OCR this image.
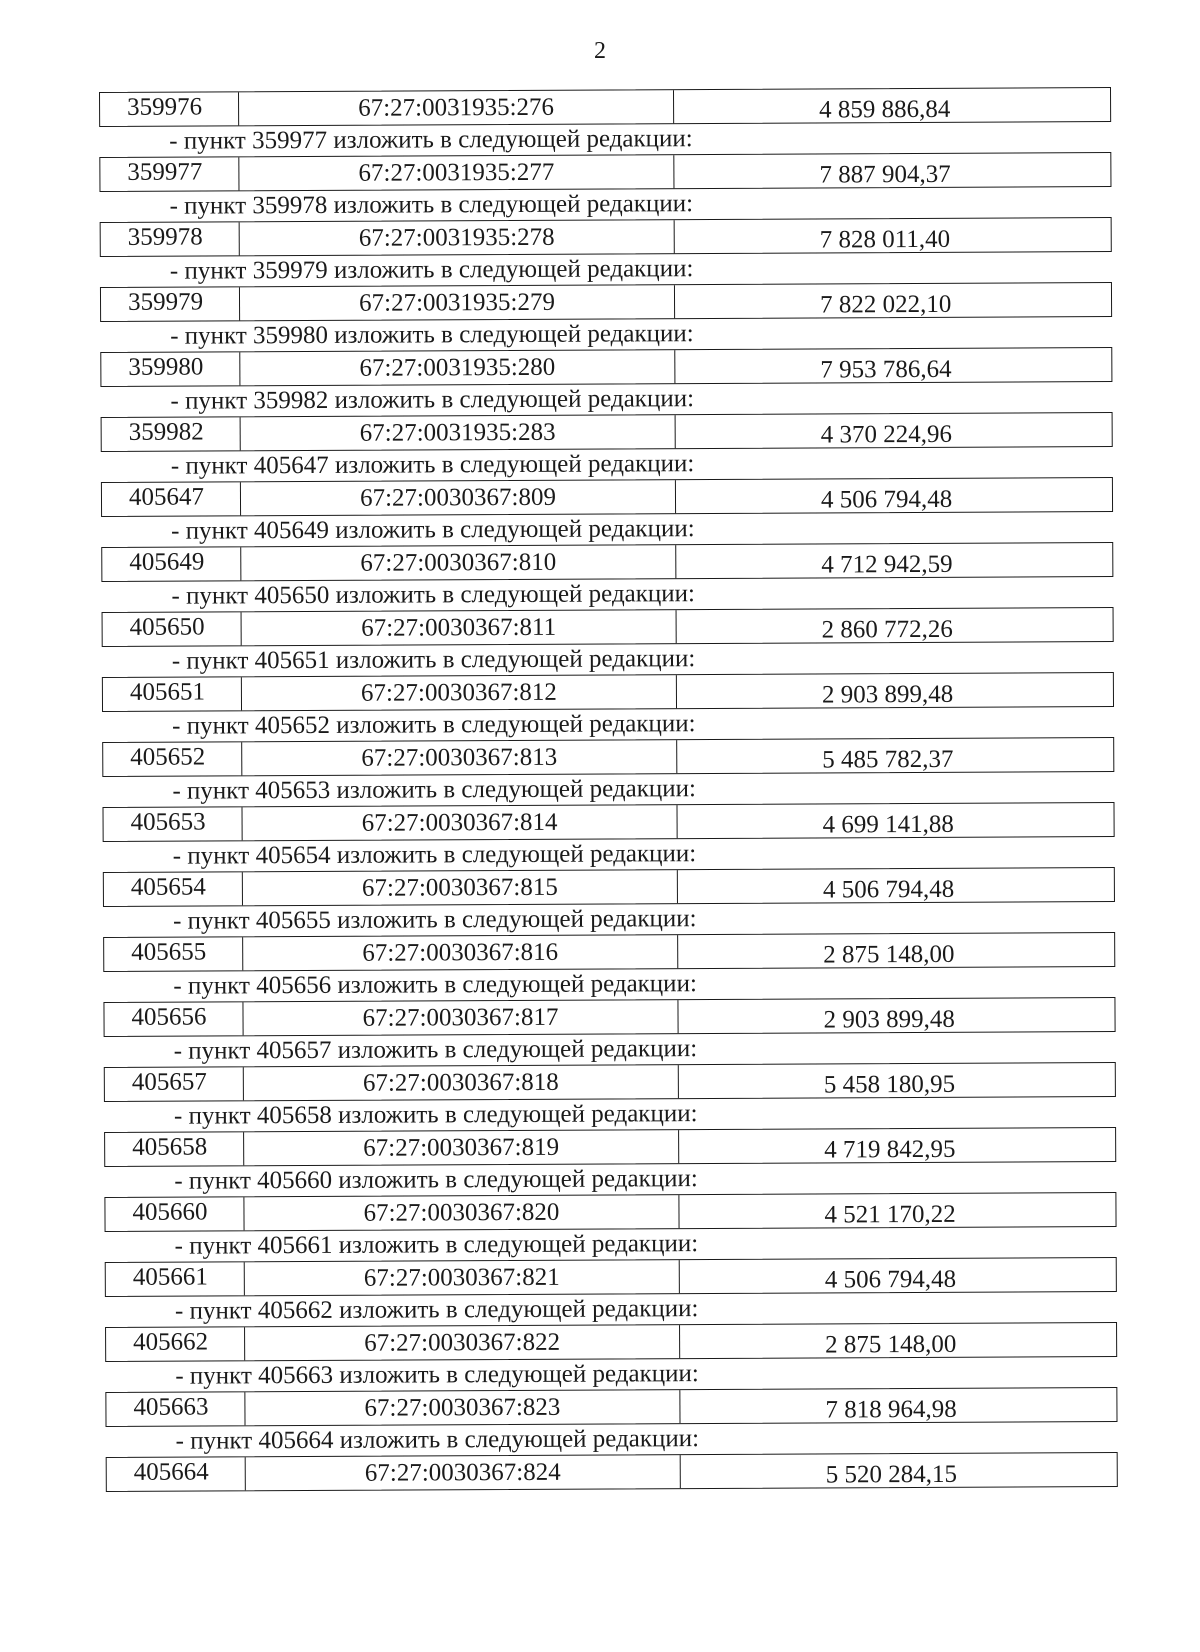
2
359976	67:27:0031935:276	4 859 886,84
- пункт 359977 изложить в следующей редакции:
359977	67:27:0031935:277	7 887 904,37
- пункт 359978 изложить в следующей редакции:
359978	67:27:0031935:278	7 828 011,40
- пункт 359979 изложить в следующей редакции:
359979	67:27:0031935:279	7 822 022,10
- пункт 359980 изложить в следующей редакции:
359980	67:27:0031935:280	7 953 786,64
- пункт 359982 изложить в следующей редакции:
359982	67:27:0031935:283	4 370 224,96
- пункт 405647 изложить в следующей редакции:
405647	67:27:0030367:809	4 506 794,48
- пункт 405649 изложить в следующей редакции:
405649	67:27:0030367:810	4 712 942,59
- пункт 405650 изложить в следующей редакции:
405650	67:27:0030367:811	2 860 772,26
- пункт 405651 изложить в следующей редакции:
405651	67:27:0030367:812	2 903 899,48
- пункт 405652 изложить в следующей редакции:
405652	67:27:0030367:813	5 485 782,37
- пункт 405653 изложить в следующей редакции:
405653	67:27:0030367:814	4 699 141,88
- пункт 405654 изложить в следующей редакции:
405654	67:27:0030367:815	4 506 794,48
- пункт 405655 изложить в следующей редакции:
405655	67:27:0030367:816	2 875 148,00
- пункт 405656 изложить в следующей редакции:
405656	67:27:0030367:817	2 903 899,48
- пункт 405657 изложить в следующей редакции:
405657	67:27:0030367:818	5 458 180,95
- пункт 405658 изложить в следующей редакции:
405658	67:27:0030367:819	4 719 842,95
- пункт 405660 изложить в следующей редакции:
405660	67:27:0030367:820	4 521 170,22
- пункт 405661 изложить в следующей редакции:
405661	67:27:0030367:821	4 506 794,48
- пункт 405662 изложить в следующей редакции:
405662	67:27:0030367:822	2 875 148,00
- пункт 405663 изложить в следующей редакции:
405663	67:27:0030367:823	7 818 964,98
- пункт 405664 изложить в следующей редакции:
405664	67:27:0030367:824	5 520 284,15
